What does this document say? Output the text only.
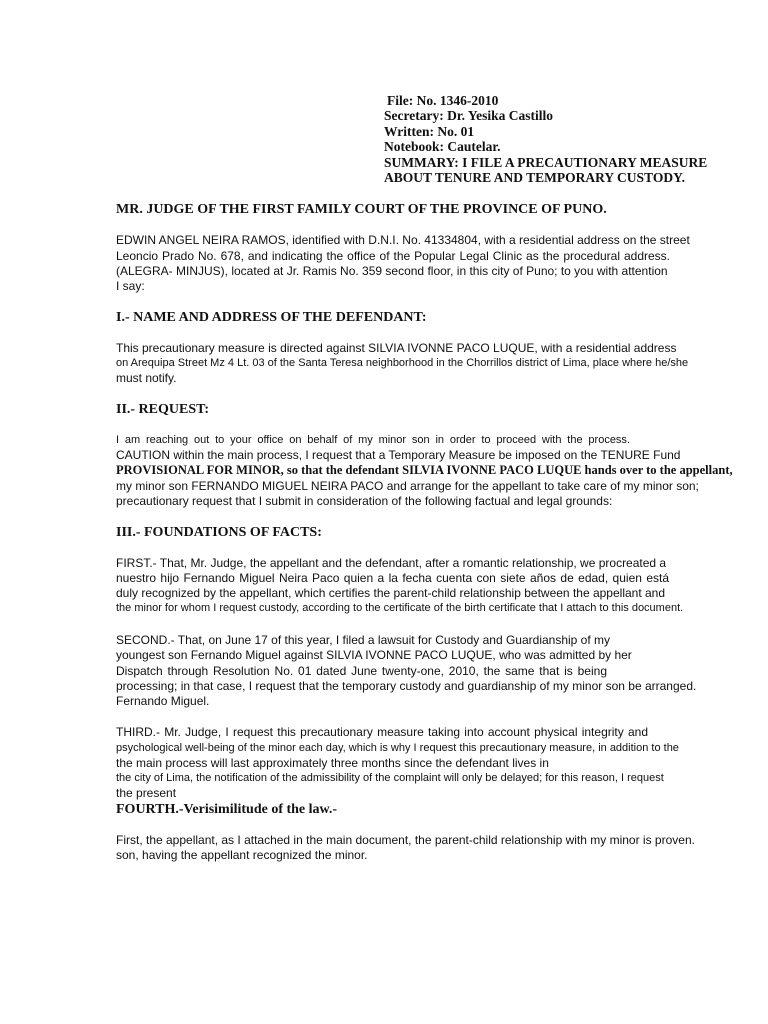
File: No. 1346-2010
Secretary: Dr. Yesika Castillo
Written: No. 01
Notebook: Cautelar.
SUMMARY: I FILE A PRECAUTIONARY MEASURE
ABOUT TENURE AND TEMPORARY CUSTODY.
MR. JUDGE OF THE FIRST FAMILY COURT OF THE PROVINCE OF PUNO.
EDWIN ANGEL NEIRA RAMOS, identified with D.N.I. No. 41334804, with a residential address on the street
Leoncio Prado No. 678, and indicating the office of the Popular Legal Clinic as the procedural address.
(ALEGRA- MINJUS), located at Jr. Ramis No. 359 second floor, in this city of Puno; to you with attention
I say:
I.- NAME AND ADDRESS OF THE DEFENDANT:
This precautionary measure is directed against SILVIA IVONNE PACO LUQUE, with a residential address
on Arequipa Street Mz 4 Lt. 03 of the Santa Teresa neighborhood in the Chorrillos district of Lima, place where he/she
must notify.
II.- REQUEST:
I am reaching out to your office on behalf of my minor son in order to proceed with the process.
CAUTION within the main process, I request that a Temporary Measure be imposed on the TENURE Fund
PROVISIONAL FOR MINOR, so that the defendant SILVIA IVONNE PACO LUQUE hands over to the appellant,
my minor son FERNANDO MIGUEL NEIRA PACO and arrange for the appellant to take care of my minor son;
precautionary request that I submit in consideration of the following factual and legal grounds:
III.- FOUNDATIONS OF FACTS:
FIRST.- That, Mr. Judge, the appellant and the defendant, after a romantic relationship, we procreated a
nuestro hijo Fernando Miguel Neira Paco quien a la fecha cuenta con siete años de edad, quien está
duly recognized by the appellant, which certifies the parent-child relationship between the appellant and
the minor for whom I request custody, according to the certificate of the birth certificate that I attach to this document.
SECOND.- That, on June 17 of this year, I filed a lawsuit for Custody and Guardianship of my
youngest son Fernando Miguel against SILVIA IVONNE PACO LUQUE, who was admitted by her
Dispatch through Resolution No. 01 dated June twenty-one, 2010, the same that is being
processing; in that case, I request that the temporary custody and guardianship of my minor son be arranged.
Fernando Miguel.
THIRD.- Mr. Judge, I request this precautionary measure taking into account physical integrity and
psychological well-being of the minor each day, which is why I request this precautionary measure, in addition to the
the main process will last approximately three months since the defendant lives in
the city of Lima, the notification of the admissibility of the complaint will only be delayed; for this reason, I request
the present
FOURTH.-Verisimilitude of the law.-
First, the appellant, as I attached in the main document, the parent-child relationship with my minor is proven.
son, having the appellant recognized the minor.
